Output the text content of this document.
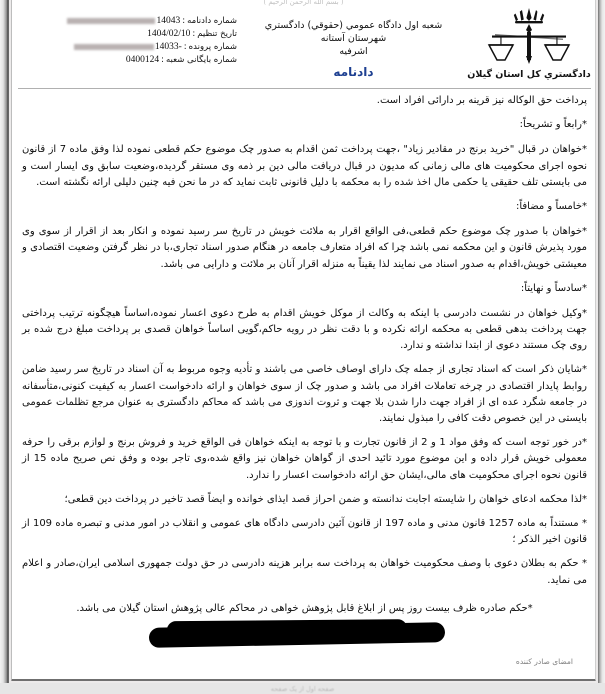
( بسم الله الرحمن الرحیم )
دادگستري كل استان گيلان
شعبه اول دادگاه عمومي (حقوقي) دادگستري شهرستان آستانه
اشرفيه
دادنامه
شماره دادنامه
:
14043
تاریخ تنظیم
:
1404/02/10
شماره پرونده
:
14033-
شماره بایگانی شعبه
:
0400124

پرداخت حق الوکاله نیز قرینه بر دارائی افراد است.

*رابعاً و تشریحاً:

*خواهان در قبال "خرید برنج در مقادیر زیاد" ،جهت پرداخت ثمن اقدام به صدور چک موضوع حکم قطعی نموده لذا وفق ماده 7 از قانون نحوه اجرای محکومیت های مالی زمانی که مدیون در قبال دریافت مالی دین بر ذمه وی مستقر گردیده،وضعیت سابق وی ایسار است و می بایستی تلف حقیقی یا حکمی مال اخذ شده را به محکمه با دلیل قانونی ثابت نماید که در ما نحن فیه چنین دلیلی ارائه نگشته است.

*خامساً و مضافاً:

*خواهان با صدور چک موضوع حکم قطعی،فی الواقع اقرار به ملائت خویش در تاریخ سر رسید نموده و انکار بعد از اقرار از سوی وی مورد پذیرش قانون و این محکمه نمی باشد چرا که افراد متعارف جامعه در هنگام صدور اسناد تجاری،با در نظر گرفتن وضعیت اقتصادی و معیشتی خویش،اقدام به صدور اسناد می نمایند لذا یقیناً به منزله اقرار آنان بر ملائت و دارایی می باشد.

*سادساً و نهایتاً:

*وکیل خواهان در نشست دادرسی با اینکه به وکالت از موکل خویش اقدام به طرح دعوی اعسار نموده،اساساً هیچگونه ترتیب پرداختی جهت پرداخت بدهی قطعی به محکمه ارائه نکرده و با دقت نظر در رویه حاکم،گویی اساساً خواهان قصدی بر پرداخت مبلغ درج شده بر روی چک مستند دعوی از ابتدا نداشته و ندارد.

*شایان ذکر است که اسناد تجاری از جمله چک دارای اوصاف خاصی می باشند و تأدیه وجوه مربوط به آن اسناد در تاریخ سر رسید ضامن روابط پایدار اقتصادی در چرخه تعاملات افراد می باشد و صدور چک از سوی خواهان و ارائه دادخواست اعسار به کیفیت کنونی،متأسفانه در جامعه شگرد عده ای از افراد جهت دارا شدن بلا جهت و ثروت اندوزی می باشد که محاکم دادگستری به عنوان مرجع تظلمات عمومی بایستی در این خصوص دقت کافی را مبذول نمایند.

*در خور توجه است که وفق مواد 1 و 2 از قانون تجارت و با توجه به اینکه خواهان فی الواقع خرید و فروش برنج و لوازم برقی را حرفه معمولی خویش قرار داده و این موضوع مورد تائید احدی از گواهان خواهان نیز واقع شده،وی تاجر بوده و وفق نص صریح ماده 15 از قانون نحوه اجرای محکومیت های مالی،ایشان حق ارائه دادخواست اعسار را ندارد.

*لذا محکمه ادعای خواهان را شایسته اجابت ندانسته و ضمن احراز قصد ایذای خوانده و ایضاً قصد تاخیر در پرداخت دین قطعی؛

* مستنداً به ماده 1257 قانون مدنی و ماده 197 از قانون آئین دادرسی دادگاه های عمومی و انقلاب در امور مدنی و تبصره ماده 109 از قانون اخیر الذکر ؛

* حکم به بطلان دعوی با وصف محکومیت خواهان به پرداخت سه برابر هزینه دادرسی در حق دولت جمهوری اسلامی ایران،صادر و اعلام می نماید.

*حکم صادره ظرف بیست روز پس از ابلاغ قابل پژوهش خواهی در محاکم عالی پژوهش استان گیلان می باشد.

امضای صادر کننده
صفحه اول از یک صفحه
